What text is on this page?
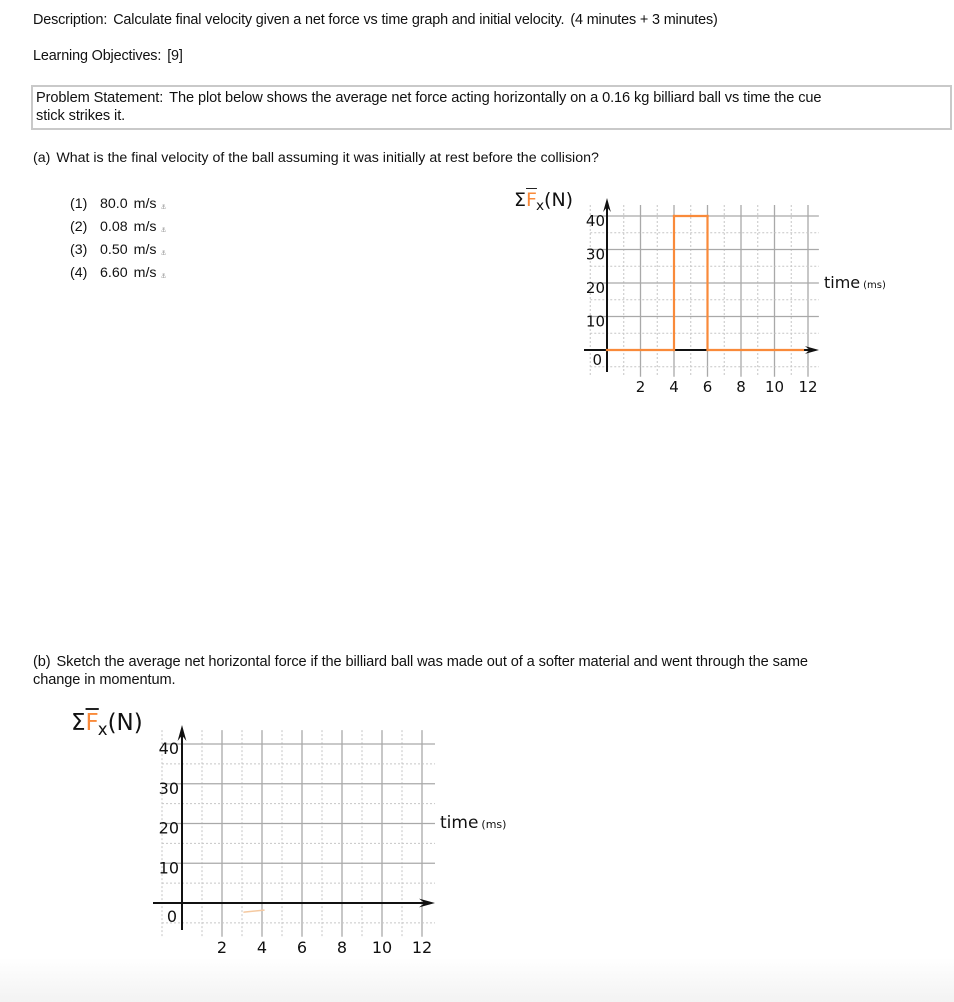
Description: Calculate final velocity given a net force vs time graph and initial velocity. (4 minutes + 3 minutes)
Learning Objectives: [9]
Problem Statement: The plot below shows the average net force acting horizontally on a 0.16 kg billiard ball vs time the cue
stick strikes it.
(a) What is the final velocity of the ball assuming it was initially at rest before the collision?
(1) 80.0 m/s ⚓
(2) 0.08 m/s ⚓
(3) 0.50 m/s ⚓
(4) 6.60 m/s ⚓
$\Sigma\overline{F}_x(N)$
time (ms)
(b) Sketch the average net horizontal force if the billiard ball was made out of a softer material and went through the same
change in momentum.
$\Sigma\overline{F}_x(N)$
time (ms)
40
30
20
10
0
2 4 6 8 10 12
40
30
20
10
0
2 4 6 8 10 12
